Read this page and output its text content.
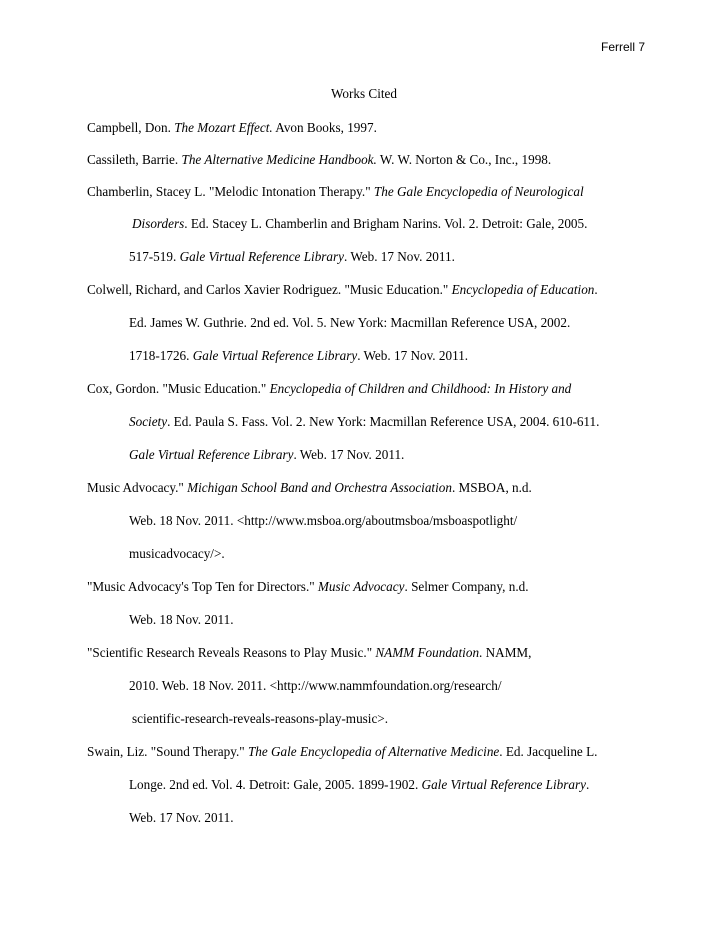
Ferrell 7
Works Cited
Campbell, Don. The Mozart Effect. Avon Books, 1997.
Cassileth, Barrie. The Alternative Medicine Handbook. W. W. Norton & Co., Inc., 1998.
Chamberlin, Stacey L. "Melodic Intonation Therapy." The Gale Encyclopedia of Neurological
Disorders. Ed. Stacey L. Chamberlin and Brigham Narins. Vol. 2. Detroit: Gale, 2005.
517-519. Gale Virtual Reference Library. Web. 17 Nov. 2011.
Colwell, Richard, and Carlos Xavier Rodriguez. "Music Education." Encyclopedia of Education.
Ed. James W. Guthrie. 2nd ed. Vol. 5. New York: Macmillan Reference USA, 2002.
1718-1726. Gale Virtual Reference Library. Web. 17 Nov. 2011.
Cox, Gordon. "Music Education." Encyclopedia of Children and Childhood: In History and
Society. Ed. Paula S. Fass. Vol. 2. New York: Macmillan Reference USA, 2004. 610-611.
Gale Virtual Reference Library. Web. 17 Nov. 2011.
Music Advocacy." Michigan School Band and Orchestra Association. MSBOA, n.d.
Web. 18 Nov. 2011. <http://www.msboa.org/aboutmsboa/msboaspotlight/
musicadvocacy/>.
"Music Advocacy's Top Ten for Directors." Music Advocacy. Selmer Company, n.d.
Web. 18 Nov. 2011.
"Scientific Research Reveals Reasons to Play Music." NAMM Foundation. NAMM,
2010. Web. 18 Nov. 2011. <http://www.nammfoundation.org/research/
scientific-research-reveals-reasons-play-music>.
Swain, Liz. "Sound Therapy." The Gale Encyclopedia of Alternative Medicine. Ed. Jacqueline L.
Longe. 2nd ed. Vol. 4. Detroit: Gale, 2005. 1899-1902. Gale Virtual Reference Library.
Web. 17 Nov. 2011.
